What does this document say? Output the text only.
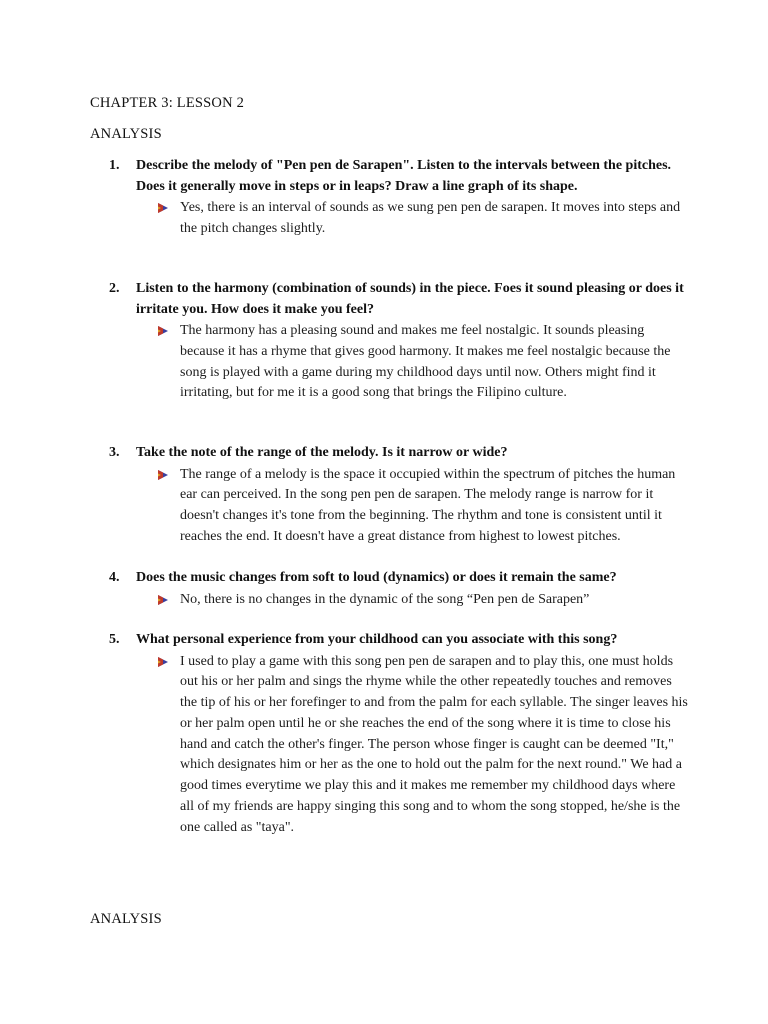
CHAPTER 3: LESSON 2
ANALYSIS
1.	Describe the melody of "Pen pen de Sarapen". Listen to the intervals between the pitches. Does it generally move in steps or in leaps? Draw a line graph of its shape.
Yes, there is an interval of sounds as we sung pen pen de sarapen. It moves into steps and the pitch changes slightly.
2.	Listen to the harmony (combination of sounds) in the piece. Foes it sound pleasing or does it irritate you. How does it make you feel?
The harmony has a pleasing sound and makes me feel nostalgic. It sounds pleasing because it has a rhyme that gives good harmony. It makes me feel nostalgic because the song is played with a game during my childhood days until now. Others might find it irritating, but for me it is a good song that brings the Filipino culture.
3.	Take the note of the range of the melody. Is it narrow or wide?
The range of a melody is the space it occupied within the spectrum of pitches the human ear can perceived. In the song pen pen de sarapen. The melody range is narrow for it doesn't changes it's tone from the beginning. The rhythm and tone is consistent until it reaches the end. It doesn't have a great distance from highest to lowest pitches.
4.	Does the music changes from soft to loud (dynamics) or does it remain the same?
No, there is no changes in the dynamic of the song “Pen pen de Sarapen”
5.	What personal experience from your childhood can you associate with this song?
I used to play a game with this song pen pen de sarapen and to play this, one must holds out his or her palm and sings the rhyme while the other repeatedly touches and removes the tip of his or her forefinger to and from the palm for each syllable. The singer leaves his or her palm open until he or she reaches the end of the song where it is time to close his hand and catch the other's finger. The person whose finger is caught can be deemed "It," which designates him or her as the one to hold out the palm for the next round." We had a good times everytime we play this and it makes me remember my childhood days where all of my friends are happy singing this song and to whom the song stopped, he/she is the one called as "taya".
ANALYSIS
